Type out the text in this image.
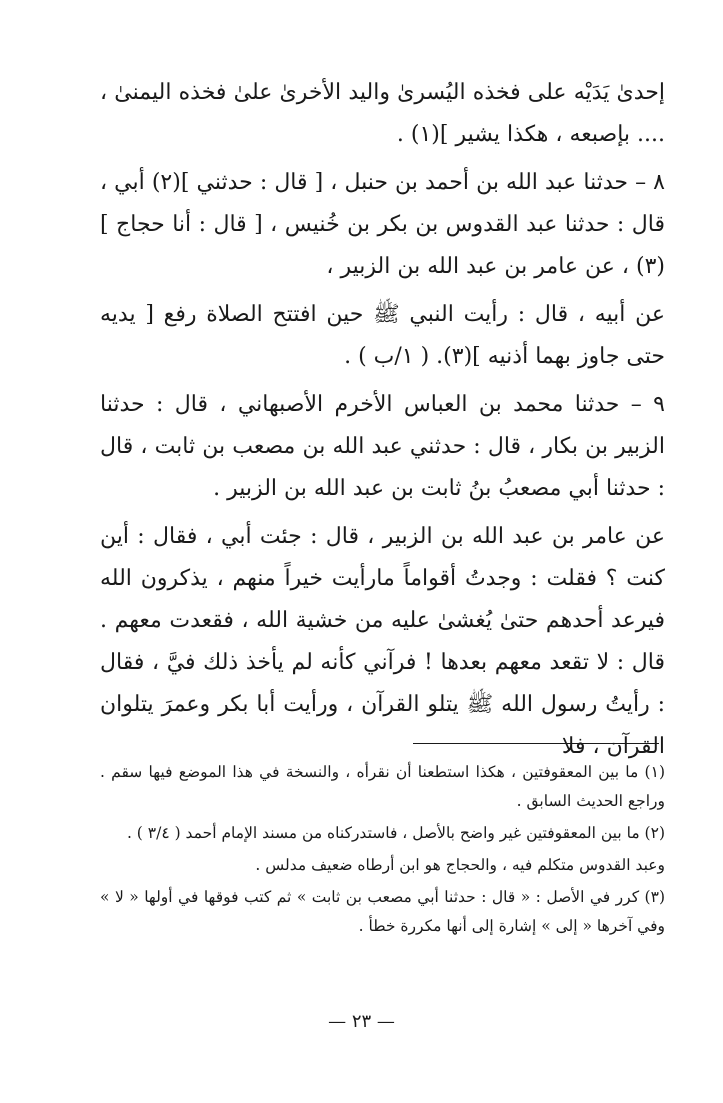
إحدىٰ يَدَيْه على فخذه اليُسرىٰ واليد الأخرىٰ علىٰ فخذه اليمنىٰ ، .... بإصبعه ، هكذا يشير ](١) .

٨ – حدثنا عبد الله بن أحمد بن حنبل ، [ قال : حدثني ](٢) أبي ، قال : حدثنا عبد القدوس بن بكر بن خُنيس ، [ قال : أنا حجاج ](٣) ، عن عامر بن عبد الله بن الزبير ،

عن أبيه ، قال : رأيت النبي ﷺ حين افتتح الصلاة رفع [ يديه حتى جاوز بهما أذنيه ](٣). ( ١/ب ) .

٩ – حدثنا محمد بن العباس الأخرم الأصبهاني ، قال : حدثنا الزبير بن بكار ، قال : حدثني عبد الله بن مصعب بن ثابت ، قال : حدثنا أبي مصعبُ بنُ ثابت بن عبد الله بن الزبير .

عن عامر بن عبد الله بن الزبير ، قال : جئت أبي ، فقال : أين كنت ؟ فقلت : وجدتُ أقواماً مارأيت خيراً منهم ، يذكرون الله فيرعد أحدهم حتىٰ يُغشىٰ عليه من خشية الله ، فقعدت معهم . قال : لا تقعد معهم بعدها ! فرآني كأنه لم يأخذ ذلك فيَّ ، فقال : رأيتُ رسول الله ﷺ يتلو القرآن ، ورأيت أبا بكر وعمرَ يتلوان القرآن ، فلا

(١) ما بين المعقوفتين ، هكذا استطعنا أن نقرأه ، والنسخة في هذا الموضع فيها سقم . وراجع الحديث السابق .

(٢) ما بين المعقوفتين غير واضح بالأصل ، فاستدركناه من مسند الإمام أحمد ( ٣/٤ ) .

وعبد القدوس متكلم فيه ، والحجاج هو ابن أرطاه ضعيف مدلس .

(٣) كرر في الأصل : « قال : حدثنا أبي مصعب بن ثابت » ثم كتب فوقها في أولها « لا » وفي آخرها « إلى » إشارة إلى أنها مكررة خطأ .

— ٢٣ —
